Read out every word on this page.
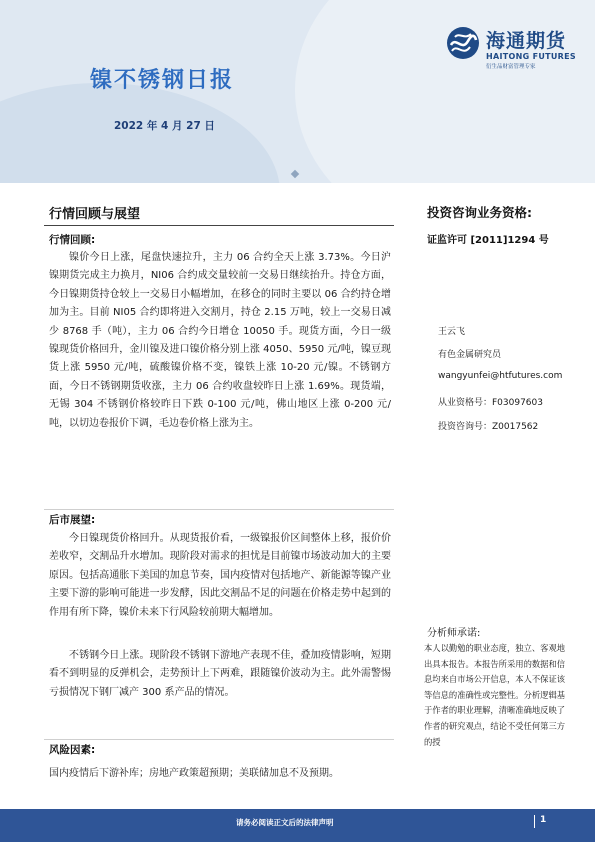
海通期货
HAITONG FUTURES
衍生品财富管理专家
镍不锈钢日报
2022 年 4 月 27 日
行情回顾与展望	投资咨询业务资格:
证监许可 [2011]1294 号
行情回顾:

镍价今日上涨，尾盘快速拉升，主力 06 合约全天上涨 3.73%。今日沪镍期货完成主力换月，NI06 合约成交量较前一交易日继续抬升。持仓方面，今日镍期货持仓较上一交易日小幅增加，在移仓的同时主要以 06 合约持仓增加为主。目前 NI05 合约即将进入交割月，持仓 2.15 万吨，较上一交易日减少 8768 手（吨），主力 06 合约今日增仓 10050 手。现货方面，今日一级镍现货价格回升，金川镍及进口镍价格分别上涨 4050、5950 元/吨，镍豆现货上涨 5950 元/吨，硫酸镍价格不变，镍铁上涨 10-20 元/镍。不锈钢方面，今日不锈钢期货收涨，主力 06 合约收盘较昨日上涨 1.69%。现货端，无锡 304 不锈钢价格较昨日下跌 0-100 元/吨，佛山地区上涨 0-200 元/吨，以切边卷报价下调，毛边卷价格上涨为主。

后市展望:

今日镍现货价格回升。从现货报价看，一级镍报价区间整体上移，报价价差收窄，交割品升水增加。现阶段对需求的担忧是目前镍市场波动加大的主要原因。包括高通胀下美国的加息节奏，国内疫情对包括地产、新能源等镍产业主要下游的影响可能进一步发酵，因此交割品不足的问题在价格走势中起到的作用有所下降，镍价未来下行风险较前期大幅增加。

不锈钢今日上涨。现阶段不锈钢下游地产表现不佳，叠加疫情影响，短期看不到明显的反弹机会，走势预计上下两难，跟随镍价波动为主。此外需警惕亏损情况下钢厂减产 300 系产品的情况。

风险因素:

国内疫情后下游补库；房地产政策超预期；美联储加息不及预期。

王云飞
有色金属研究员
wangyunfei@htfutures.com
从业资格号：F03097603
投资咨询号：Z0017562
分析师承诺:

本人以勤勉的职业态度，独立、客观地出具本报告。本报告所采用的数据和信息均来自市场公开信息，本人不保证该等信息的准确性或完整性。分析逻辑基于作者的职业理解，清晰准确地反映了作者的研究观点，结论不受任何第三方的授

请务必阅读正文后的法律声明	1
